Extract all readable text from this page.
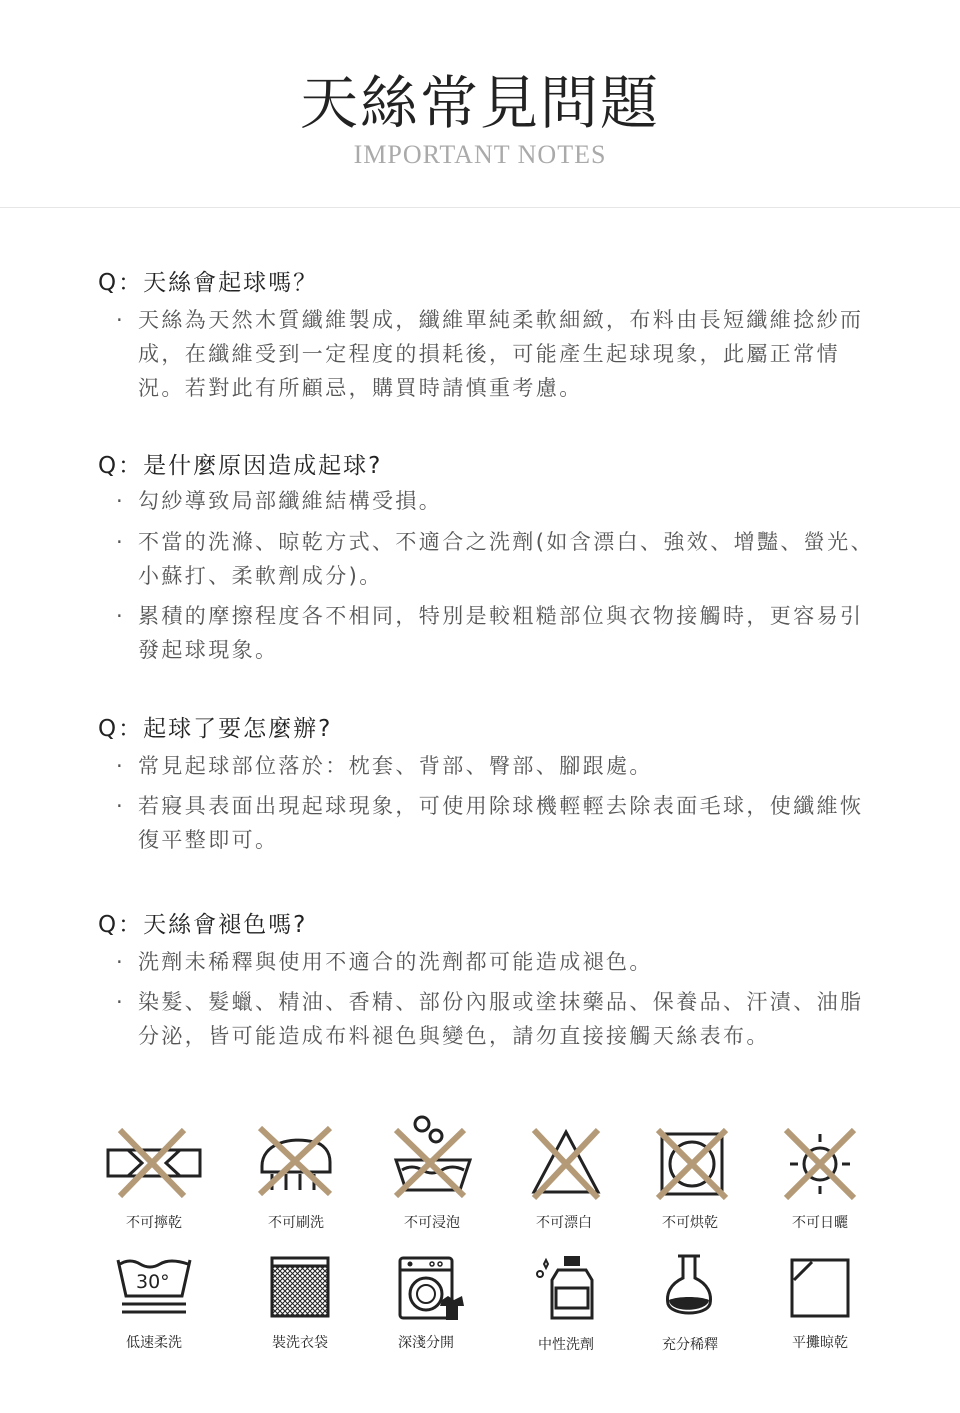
天絲常見問題
IMPORTANT NOTES
Q：天絲會起球嗎？
· 天絲為天然木質纖維製成，纖維單純柔軟細緻，布料由長短纖維捻紗而成，在纖維受到一定程度的損耗後，可能產生起球現象，此屬正常情況。若對此有所顧忌，購買時請慎重考慮。
Q：是什麼原因造成起球?
· 勾紗導致局部纖維結構受損。
· 不當的洗滌、晾乾方式、不適合之洗劑(如含漂白、強效、增豔、螢光、小蘇打、柔軟劑成分)。
· 累積的摩擦程度各不相同，特別是較粗糙部位與衣物接觸時，更容易引發起球現象。
Q：起球了要怎麼辦?
· 常見起球部位落於：枕套、背部、臀部、腳跟處。
· 若寢具表面出現起球現象，可使用除球機輕輕去除表面毛球，使纖維恢復平整即可。
Q：天絲會褪色嗎?
· 洗劑未稀釋與使用不適合的洗劑都可能造成褪色。
· 染髮、髮蠟、精油、香精、部份內服或塗抹藥品、保養品、汗漬、油脂分泌，皆可能造成布料褪色與變色，請勿直接接觸天絲表布。
不可擰乾	不可刷洗	不可浸泡	不可漂白	不可烘乾	不可日曬
30°
低速柔洗	裝洗衣袋	深淺分開	中性洗劑	充分稀釋	平攤晾乾
